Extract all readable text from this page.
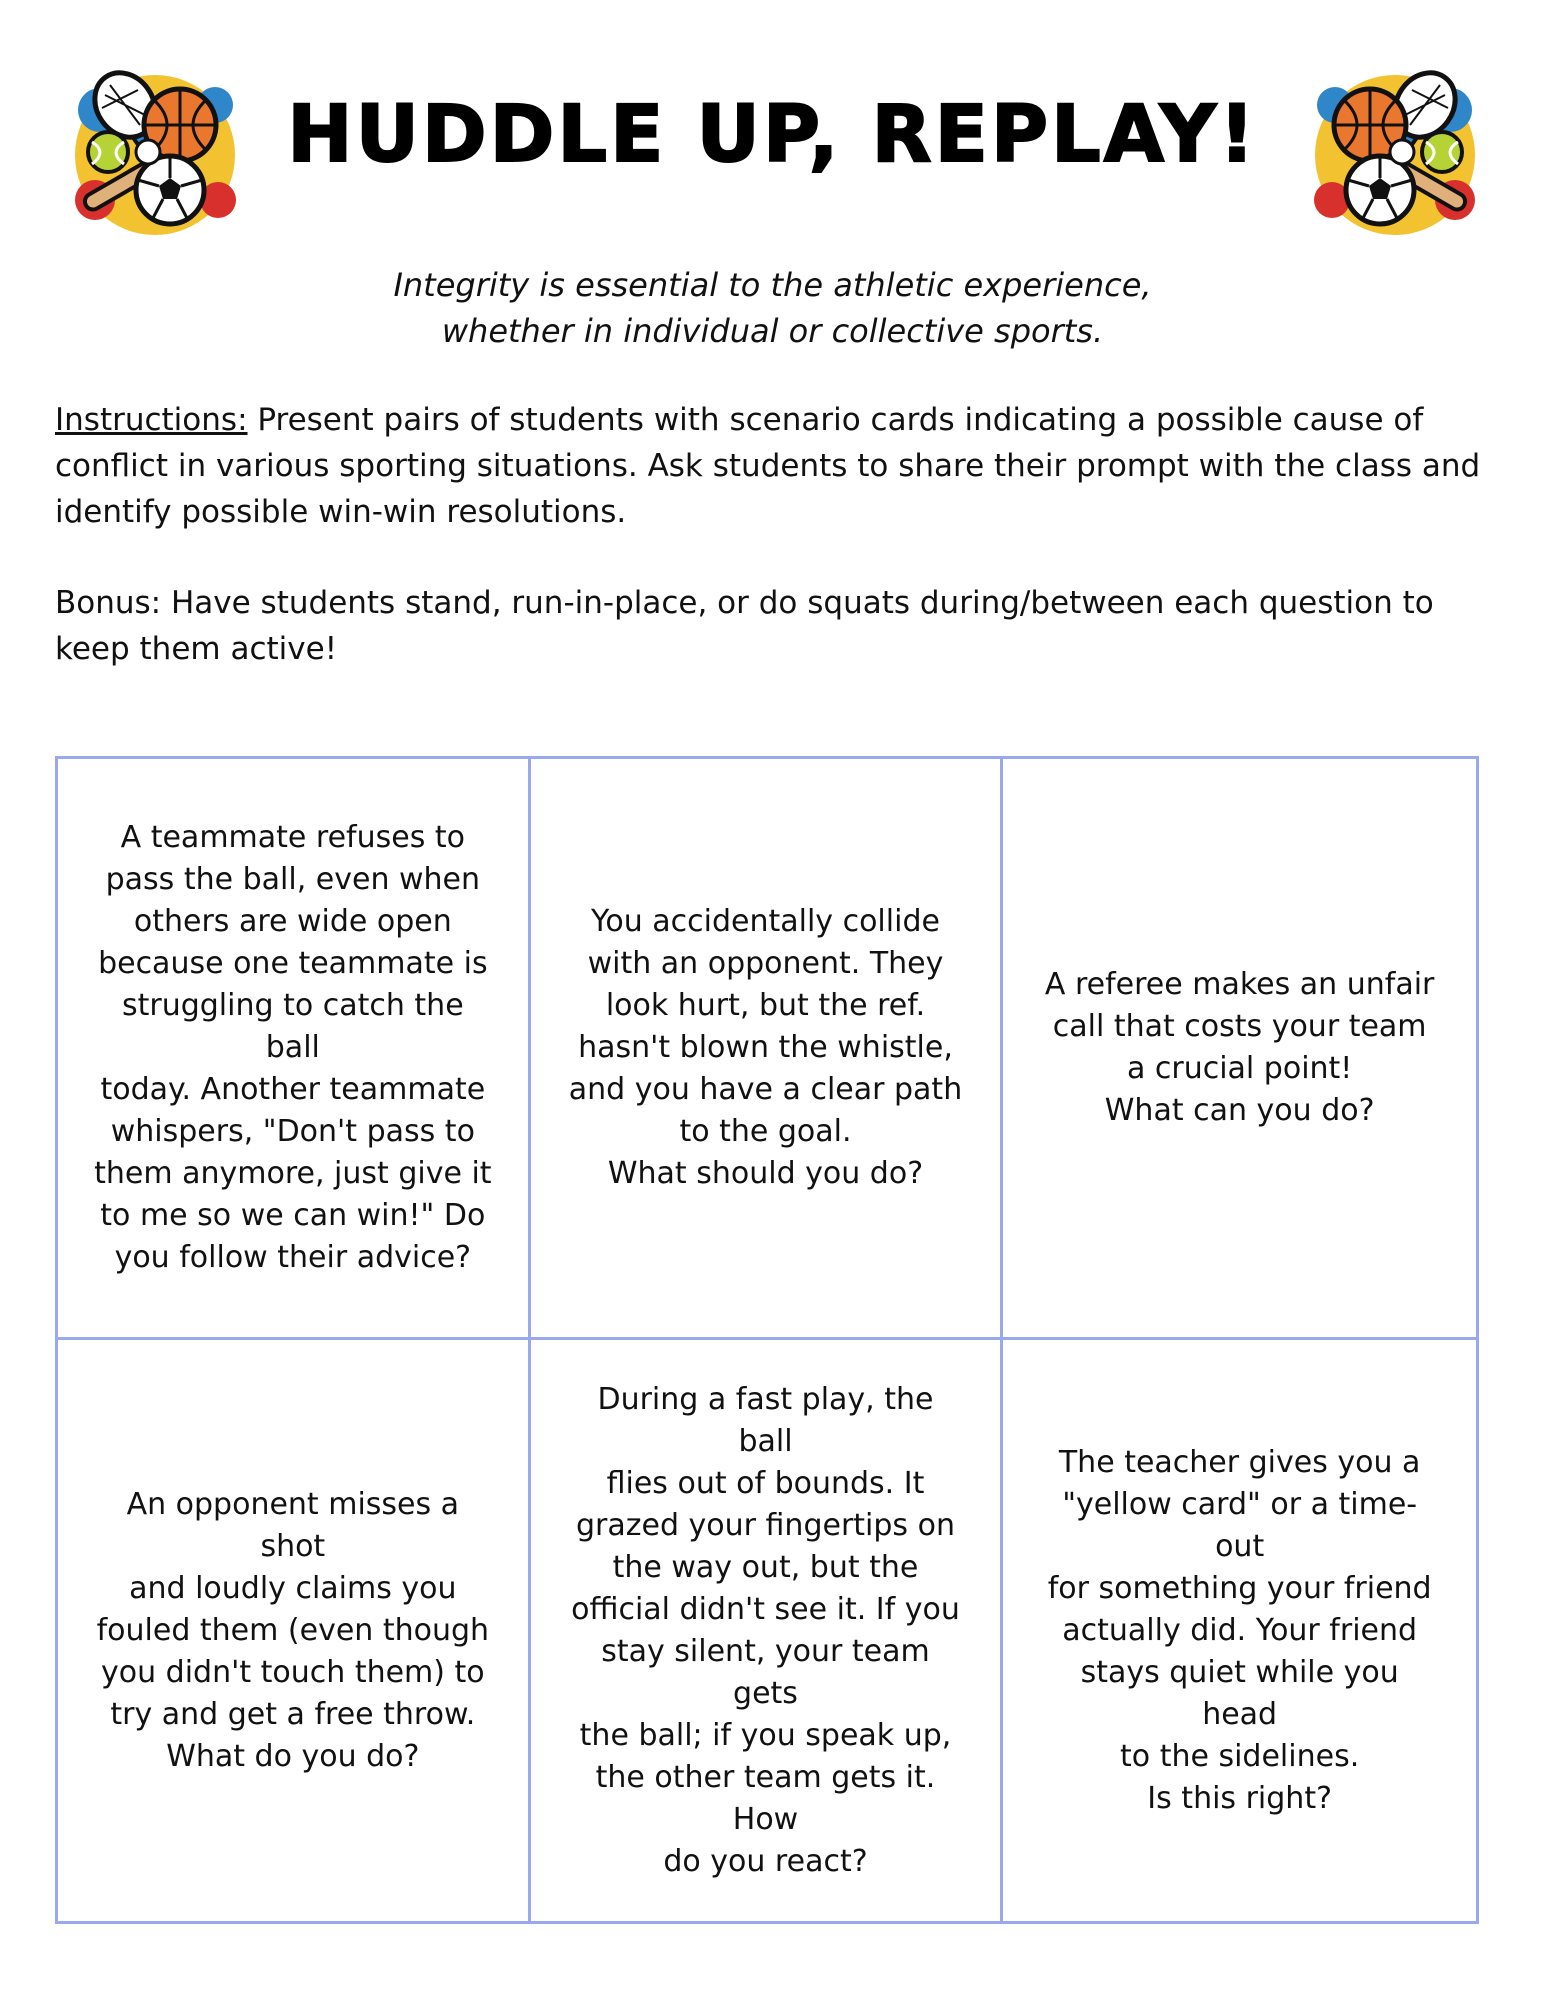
HUDDLE UP, REPLAY!
Integrity is essential to the athletic experience,
whether in individual or collective sports.

Instructions: Present pairs of students with scenario cards indicating a possible cause of conflict in various sporting situations. Ask students to share their prompt with the class and identify possible win-win resolutions.

Bonus: Have students stand, run-in-place, or do squats during/between each question to keep them active!

A teammate refuses to
pass the ball, even when
others are wide open
because one teammate is
struggling to catch the ball
today. Another teammate
whispers, "Don't pass to
them anymore, just give it
to me so we can win!" Do
you follow their advice?

You accidentally collide
with an opponent. They
look hurt, but the ref.
hasn't blown the whistle,
and you have a clear path
to the goal.
What should you do?

A referee makes an unfair
call that costs your team
a crucial point!
What can you do?

An opponent misses a shot
and loudly claims you
fouled them (even though
you didn't touch them) to
try and get a free throw.
What do you do?

During a fast play, the ball
flies out of bounds. It
grazed your fingertips on
the way out, but the
official didn't see it. If you
stay silent, your team gets
the ball; if you speak up,
the other team gets it. How
do you react?

The teacher gives you a
"yellow card" or a time-out
for something your friend
actually did. Your friend
stays quiet while you head
to the sidelines.
Is this right?
